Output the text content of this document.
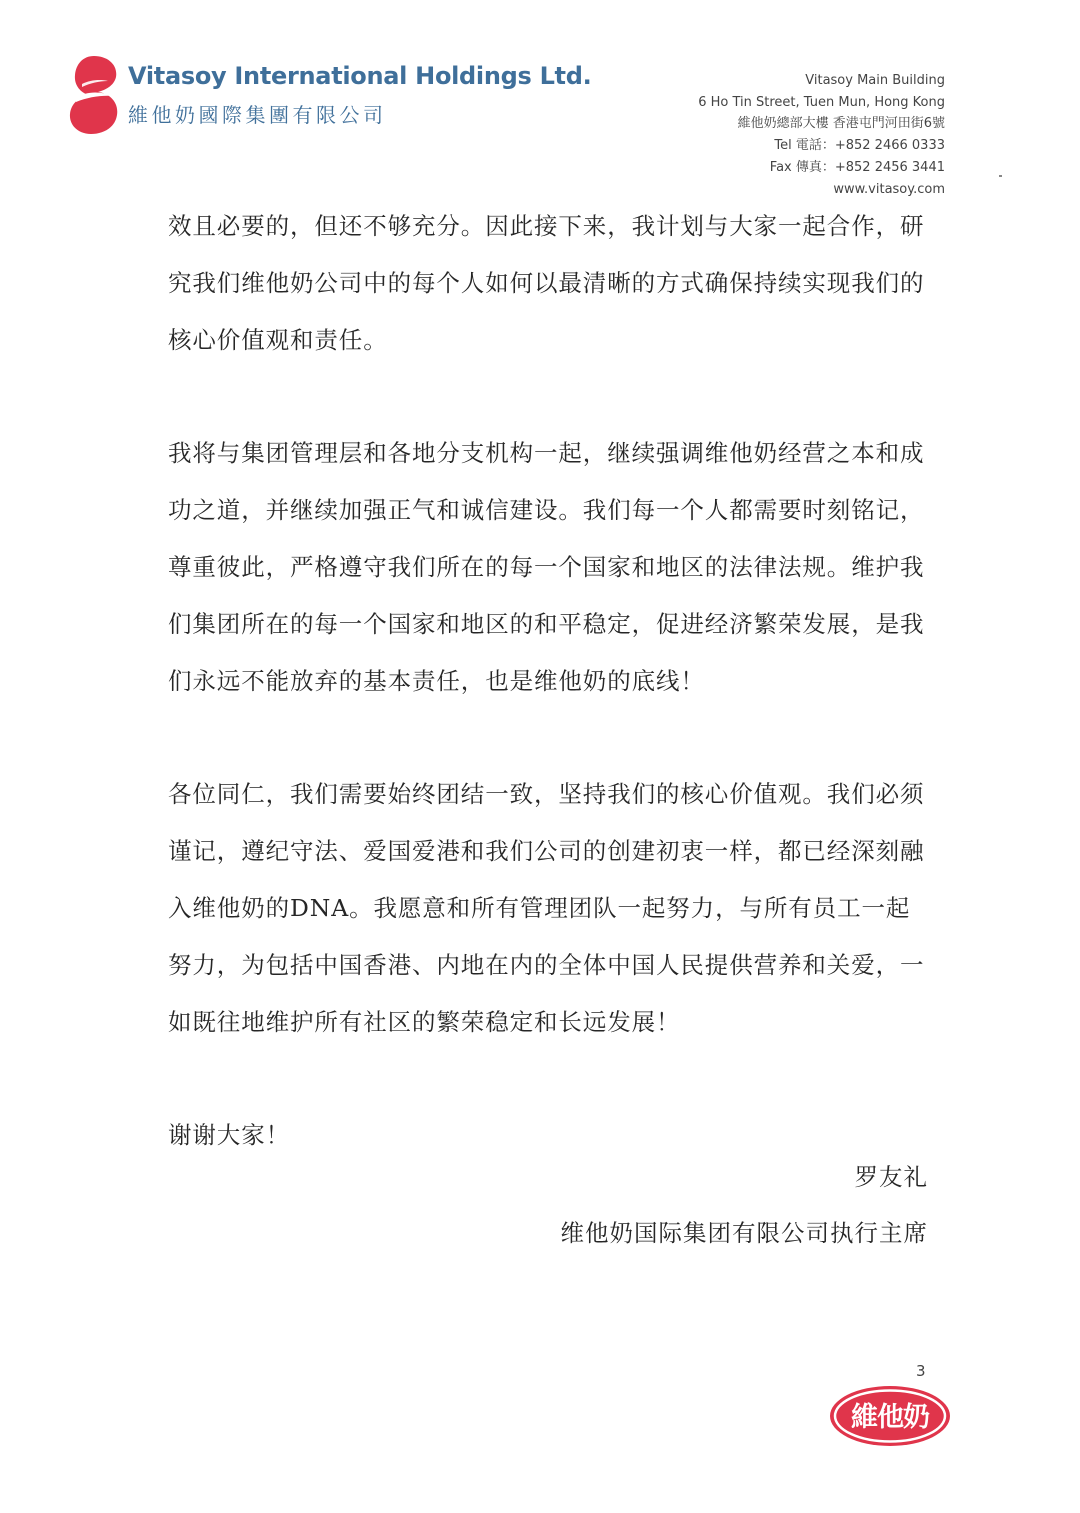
Vitasoy International Holdings Ltd.
維他奶國際集團有限公司
Vitasoy Main Building
6 Ho Tin Street, Tuen Mun, Hong Kong
維他奶總部大樓 香港屯門河田街6號
Tel 電話：+852 2466 0333
Fax 傳真：+852 2456 3441
www.vitasoy.com

效且必要的，但还不够充分。因此接下来，我计划与大家一起合作，研究我们维他奶公司中的每个人如何以最清晰的方式确保持续实现我们的核心价值观和责任。

我将与集团管理层和各地分支机构一起，继续强调维他奶经营之本和成功之道，并继续加强正气和诚信建设。我们每一个人都需要时刻铭记，尊重彼此，严格遵守我们所在的每一个国家和地区的法律法规。维护我们集团所在的每一个国家和地区的和平稳定，促进经济繁荣发展，是我们永远不能放弃的基本责任，也是维他奶的底线！

各位同仁，我们需要始终团结一致，坚持我们的核心价值观。我们必须谨记，遵纪守法、爱国爱港和我们公司的创建初衷一样，都已经深刻融入维他奶的DNA。我愿意和所有管理团队一起努力，与所有员工一起努力，为包括中国香港、内地在内的全体中国人民提供营养和关爱，一如既往地维护所有社区的繁荣稳定和长远发展！

谢谢大家！

罗友礼
维他奶国际集团有限公司执行主席
3
維他奶
